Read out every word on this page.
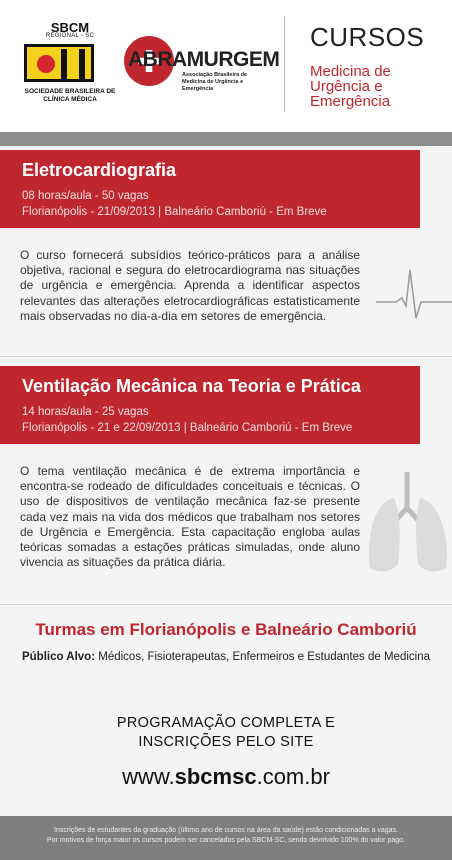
SBCM
REGIONAL - SC
SOCIEDADE BRASILEIRA DE CLÍNICA MÉDICA
ABRAMURGEM
Associação Brasileira de Medicina de Urgência e Emergência
CURSOS
Medicina de Urgência e Emergência
Eletrocardiografia
08 horas/aula - 50 vagas
Florianópolis - 21/09/2013 | Balneário Camboriú - Em Breve
O curso fornecerá subsídios teórico-práticos para a análise objetiva, racional e segura do eletrocardiograma nas situações de urgência e emergência. Aprenda a identificar aspectos relevantes das alterações eletrocardiográficas estatisticamente mais observadas no dia-a-dia em setores de emergência.
Ventilação Mecânica na Teoria e Prática
14 horas/aula - 25 vagas
Florianópolis - 21 e 22/09/2013 | Balneário Camboriú - Em Breve
O tema ventilação mecânica é de extrema importância e encontra-se rodeado de dificuldades conceituais e técnicas. O uso de dispositivos de ventilação mecânica faz-se presente cada vez mais na vida dos médicos que trabalham nos setores de Urgência e Emergência. Esta capacitação engloba aulas teóricas somadas a estações práticas simuladas, onde aluno vivencia as situações da prática diária.
Turmas em Florianópolis e Balneário Camboriú
Público Alvo: Médicos, Fisioterapeutas, Enfermeiros e Estudantes de Medicina
PROGRAMAÇÃO COMPLETA E
INSCRIÇÕES PELO SITE
www.sbcmsc.com.br
Inscrições de estudantes da graduação (último ano de cursos na área da saúde) estão condicionadas a vagas.
Por motivos de força maior os cursos podem ser cancelados pela SBCM-SC, sendo devolvido 100% do valor pago.
